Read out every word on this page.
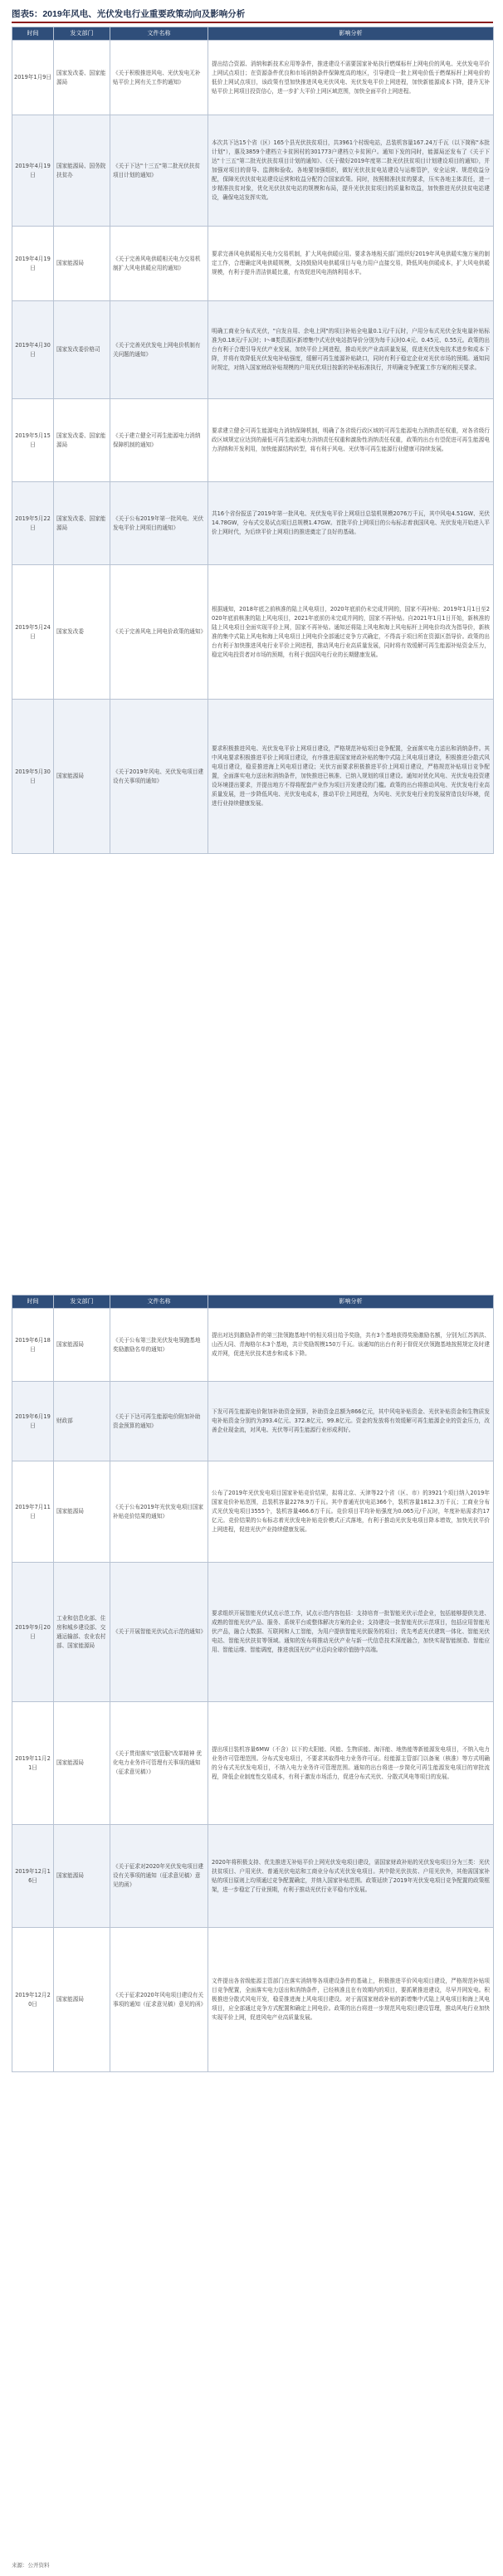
图表5：2019年风电、光伏发电行业重要政策动向及影响分析
时间	发文部门	文件名称	影响分析
2019年1月9日	国家发改委、国家能源局	《关于积极推进风电、光伏发电无补贴平价上网有关工作的通知》	提出结合资源、消纳和新技术应用等条件，推进建设不需要国家补贴执行燃煤标杆上网电价的风电、光伏发电平价上网试点项目；在资源条件优良和市场消纳条件保障度高的地区，引导建设一批上网电价低于燃煤标杆上网电价的低价上网试点项目，该政策有望加快推进风电光伏风电、光伏发电平价上网进程，加快新能源成本下降，提升无补贴平价上网项目投资信心，进一步扩大平价上网区域范围，加快全面平价上网进程。
2019年4月19日	国家能源局、国务院扶贫办	《关于下达"十三五"第二批光伏扶贫项目计划的通知》	本次共下达15个省（区）165个县光伏扶贫项目，共3961个村级电站，总装机容量167.24万千瓦（以下简称"本批计划"），惠及3859个建档立卡贫困村的301773户建档立卡贫困户。通知下发的同时，能源局还发布了《关于下达"十三五"第二批光伏扶贫项目计划的通知》、《关于做好2019年度第二批光伏扶贫项目计划建设项目的通知》，并加强对项目的督导、监测和验收。各地要加强组织，做好光伏扶贫电站建设与运维管护，安全运营、规范收益分配，保障光伏扶贫电站建设运营和收益分配符合国家政策。同时，按照精准扶贫的要求，压实各地主体责任，进一步精准扶贫对象，优化光伏扶贫电站的规模和布局，提升光伏扶贫项目的质量和效益，加快推进光伏扶贫电站建设，确保电站发挥实效。
2019年4月19日	国家能源局	《关于完善风电供暖相关电力交易机制扩大风电供暖应用的通知》	要求完善风电供暖相关电力交易机制，扩大风电供暖应用。要求各地相关部门组织好2019年风电供暖实施方案的制定工作，合理确定风电供暖规模，支持鼓励风电供暖项目与电力用户直接交易，降低风电供暖成本，扩大风电供暖规模，有利于提升清洁供暖比重，有效促进风电消纳利用水平。
2019年4月30日	国家发改委价格司	《关于完善光伏发电上网电价机制有关问题的通知》	明确工商业分布式光伏，"自发自用、余电上网"的项目补贴全电量0.1元/千瓦时，户用分布式光伏全发电量补贴标准为0.18元/千瓦时；Ⅰ～Ⅲ类资源区新增集中式光伏电站指导价分别为每千瓦时0.4元、0.45元、0.55元。政策的出台有利于合理引导光伏产业发展，加快平价上网进程，推动光伏产业高质量发展，促进光伏发电技术进步和成本下降，并将有效降低光伏发电补贴强度，缓解可再生能源补贴缺口，同时有利于稳定企业对光伏市场的预期。通知同时规定，对纳入国家财政补贴规模的户用光伏项目按新的补贴标准执行，并明确竞争配置工作方案的相关要求。
2019年5月15日	国家发改委、国家能源局	《关于建立健全可再生能源电力消纳保障机制的通知》	要求建立健全可再生能源电力消纳保障机制，明确了各省级行政区域的可再生能源电力消纳责任权重，对各省级行政区域规定应达到的最低可再生能源电力消纳责任权重和激励性消纳责任权重，政策的出台有望促进可再生能源电力消纳和开发利用，加快能源结构转型，将有利于风电、光伏等可再生能源行业健康可持续发展。
2019年5月22日	国家发改委、国家能源局	《关于公布2019年第一批风电、光伏发电平价上网项目的通知》	共16个省份报送了2019年第一批风电、光伏发电平价上网项目总装机规模2076万千瓦，其中风电4.51GW、光伏14.78GW，分布式交易试点项目总规模1.47GW。首批平价上网项目的公布标志着我国风电、光伏发电开始进入平价上网时代，为后续平价上网项目的推进奠定了良好的基础。
2019年5月24日	国家发改委	《关于完善风电上网电价政策的通知》	根据通知，2018年底之前核准的陆上风电项目，2020年底前仍未完成并网的，国家不再补贴；2019年1月1日至2020年底前核准的陆上风电项目，2021年底前仍未完成并网的，国家不再补贴。自2021年1月1日开始，新核准的陆上风电项目全面实现平价上网，国家不再补贴。通知还将陆上风电和海上风电标杆上网电价均改为指导价，新核准的集中式陆上风电和海上风电项目上网电价全部通过竞争方式确定，不得高于项目所在资源区指导价。政策的出台有利于加快推进风电行业平价上网进程，推动风电行业高质量发展，同时将有效缓解可再生能源补贴资金压力，稳定风电投资者对市场的预期，有利于我国风电行业的长期健康发展。
2019年5月30日	国家能源局	《关于2019年风电、光伏发电项目建设有关事项的通知》	要求积极推进风电、光伏发电平价上网项目建设，严格规范补贴项目竞争配置，全面落实电力送出和消纳条件。其中风电要求积极推进平价上网项目建设，有序推进需国家财政补贴的集中式陆上风电项目建设，积极推进分散式风电项目建设，稳妥推进海上风电项目建设；光伏方面要求积极推进平价上网项目建设，严格规范补贴项目竞争配置，全面落实电力送出和消纳条件，加快推进已核准、已纳入规划的项目建设。通知对优化风电、光伏发电投资建设环境提出要求，并提出地方不得将配套产业作为项目开发建设的门槛。政策的出台将推动风电、光伏发电行业高质量发展，进一步降低风电、光伏发电成本，推动平价上网进程，为风电、光伏发电行业的发展营造良好环境，促进行业持续健康发展。
时间	发文部门	文件名称	影响分析
2019年6月18日	国家能源局	《关于公布第三批光伏发电领跑基地奖励激励名单的通知》	提出对达到激励条件的第三批领跑基地中的相关项目给予奖励，共有3个基地获得奖励激励名额，分别为江苏泗洪、山西大同、青海格尔木3个基地，共计奖励规模150万千瓦。该通知的出台有利于督促光伏领跑基地按照规定及时建成并网，促进光伏技术进步和成本下降。
2019年6月19日	财政部	《关于下达可再生能源电价附加补助资金预算的通知》	下发可再生能源电价附加补助资金预算，补助资金总额为866亿元，其中风电补贴资金、光伏补贴资金和生物质发电补贴资金分别约为393.4亿元、372.8亿元、99.8亿元。资金的发放将有效缓解可再生能源企业的资金压力，改善企业现金流，对风电、光伏等可再生能源行业形成利好。
2019年7月11日	国家能源局	《关于公布2019年光伏发电项目国家补贴竞价结果的通知》	公布了2019年光伏发电项目国家补贴竞价结果，拟将北京、天津等22个省（区、市）的3921个项目纳入2019年国家竞价补贴范围，总装机容量2278.9万千瓦。其中普通光伏电站366个，装机容量1812.3万千瓦；工商业分布式光伏发电项目3555个，装机容量466.6万千瓦。竞价项目平均补贴强度为0.065元/千瓦时，年度补贴需求约17亿元。竞价结果的公布标志着光伏发电补贴竞价模式正式落地，有利于推动光伏发电项目降本增效，加快光伏平价上网进程，促进光伏产业持续健康发展。
2019年9月20日	工业和信息化部、住房和城乡建设部、交通运输部、农业农村部、国家能源局	《关于开展智能光伏试点示范的通知》	要求组织开展智能光伏试点示范工作，试点示范内容包括：支持培育一批智能光伏示范企业，包括能够提供先进、成熟的智能光伏产品、服务、系统平台或整体解决方案的企业；支持建设一批智能光伏示范项目，包括应用智能光伏产品，融合大数据、互联网和人工智能，为用户提供智能光伏服务的项目；优先考虑光伏建筑一体化、智能光伏电站、智能光伏扶贫等领域。通知的发布将推动光伏产业与新一代信息技术深度融合，加快实现智能制造、智能应用、智能运维、智能调度，推进我国光伏产业迈向全球价值链中高端。
2019年11月21日	国家能源局	《关于贯彻落实"放管服"改革精神 优化电力业务许可管理有关事项的通知（征求意见稿）》	提出项目装机容量6MW（不含）以下的太阳能、风能、生物质能、海洋能、地热能等新能源发电项目，不纳入电力业务许可管理范围。分布式发电项目，不要求其取得电力业务许可证。经能源主管部门以备案（核准）等方式明确的分布式光伏发电项目，不纳入电力业务许可管理范围。通知的出台将进一步简化可再生能源发电项目的审批流程，降低企业制度性交易成本，有利于激发市场活力，促进分布式光伏、分散式风电等项目的发展。
2019年12月16日	国家能源局	《关于征求对2020年光伏发电项目建设有关事项的通知（征求意见稿）意见的函》	2020年将积极支持、优先推进无补贴平价上网光伏发电项目建设，需国家财政补贴的光伏发电项目分为三类：光伏扶贫项目、户用光伏、普通光伏电站和工商业分布式光伏发电项目。其中除光伏扶贫、户用光伏外，其他需国家补贴的项目原则上均须通过竞争配置确定，并纳入国家补贴范围。政策延续了2019年光伏发电项目竞争配置的政策框架，进一步稳定了行业预期，有利于推动光伏行业平稳有序发展。
2019年12月20日	国家能源局	《关于征求2020年风电项目建设有关事项的通知（征求意见稿）意见的函》	文件提出各省级能源主管部门在落实消纳等各项建设条件的基础上，积极推进平价风电项目建设，严格规范补贴项目竞争配置，全面落实电力送出和消纳条件，已经核准且在有效期内的项目，要抓紧推进建设，尽早并网发电。积极推进分散式风电开发，稳妥推进海上风电项目建设。对于需国家财政补贴的新增集中式陆上风电项目和海上风电项目，应全部通过竞争方式配置和确定上网电价。政策的出台将进一步规范风电项目建设管理，推动风电行业加快实现平价上网，促进风电产业高质量发展。
来源：公开资料
